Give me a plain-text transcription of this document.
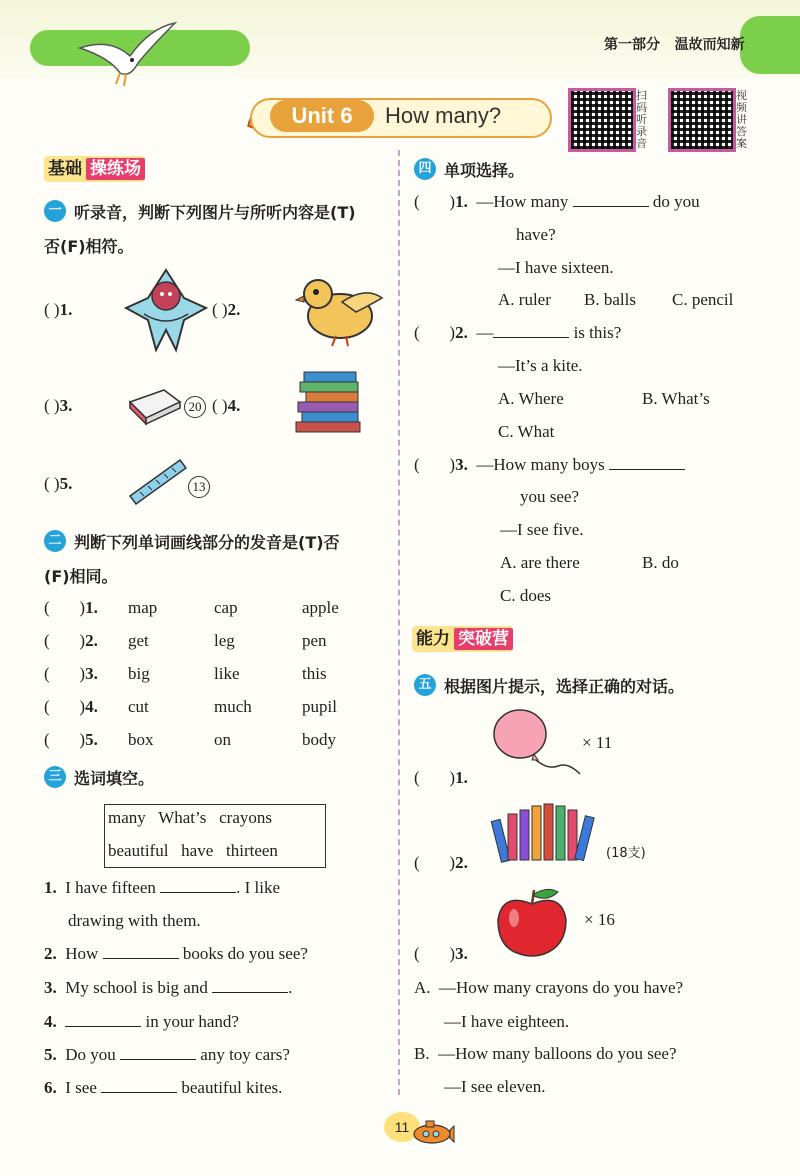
第一部分 温故而知新
Unit 6	How many?
扫码听录音
视频讲答案
基础 操练场
一 听录音，判断下列图片与所听内容是(T)
否(F)相符。
( )1.	( )2.
( )3.	20 ( )4.
( )5.	13
二 判断下列单词画线部分的发音是(T)否
(F)相同。
(       )1. map	cap	apple
(       )2. get	leg	pen
(       )3. big	like	this
(       )4. cut	much	pupil
(       )5. box	on	body
三 选词填空。
many   What’s   crayons
beautiful   have   thirteen
1. I have fifteen	. I like
drawing with them.
2. How	books do you see?
3. My school is big and	.
4.	in your hand?
5. Do you	any toy cars?
6. I see	beautiful kites.
四 单项选择。
(       )1. —How many	do you
have?
—I have sixteen.
A. ruler B. balls C. pencil
(       )2. —	is this?
—It’s a kite.
A. Where	B. What’s
C. What
(       )3. —How many boys
you see?
—I see five.
A. are there	B. do
C. does
能力 突破营
五 根据图片提示，选择正确的对话。
× 11
(       )1.
(18支)
(       )2.
× 16
(       )3.
A. —How many crayons do you have?
—I have eighteen.
B. —How many balloons do you see?
—I see eleven.
11
